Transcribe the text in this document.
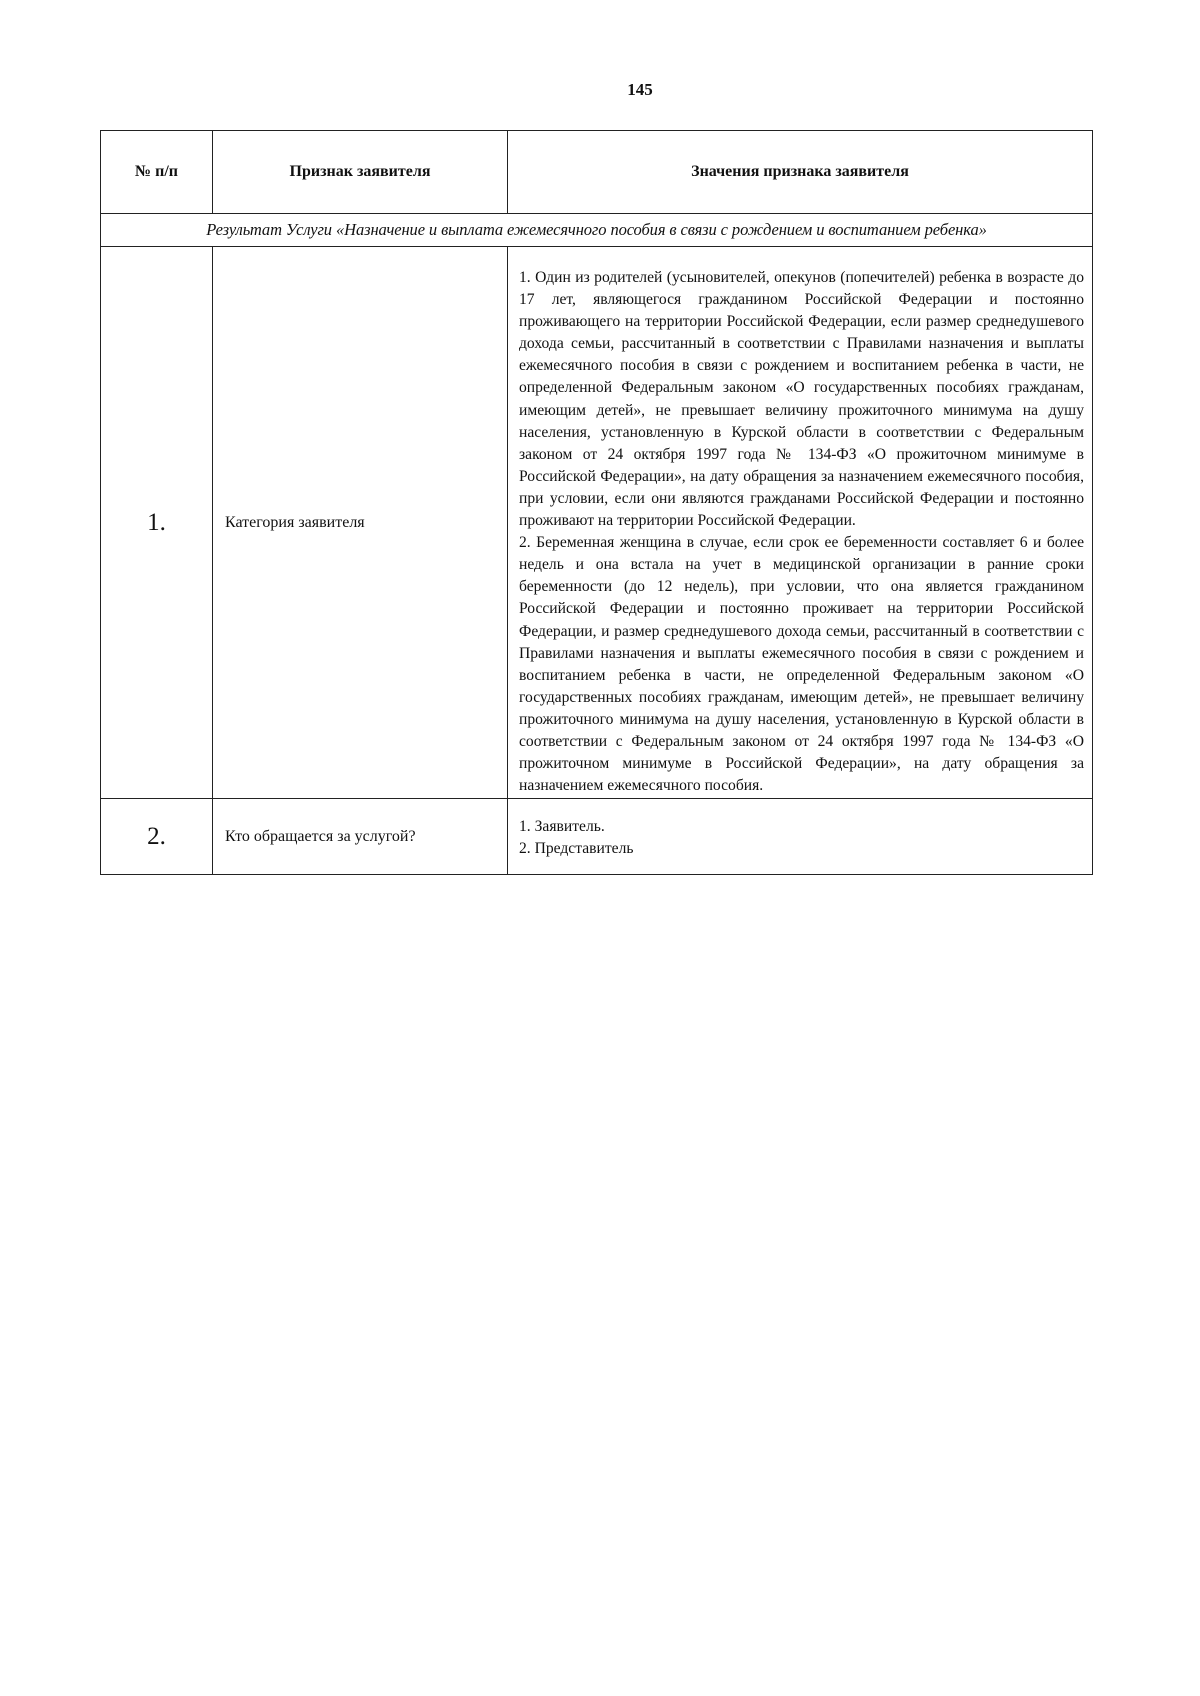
145
№ п/п	Признак заявителя	Значения признака заявителя
Результат Услуги «Назначение и выплата ежемесячного пособия в связи с рождением и воспитанием ребенка»		
1.	Категория заявителя	1. Один из родителей (усыновителей, опекунов (попечителей) ребенка в возрасте до 17 лет, являющегося гражданином Российской Федерации и постоянно проживающего на территории Российской Федерации, если размер среднедушевого дохода семьи, рассчитанный в соответствии с Правилами назначения и выплаты ежемесячного пособия в связи с рождением и воспитанием ребенка в части, не определенной Федеральным законом «О государственных пособиях гражданам, имеющим детей», не превышает величину прожиточного минимума на душу населения, установленную в Курской области в соответствии с Федеральным законом от 24 октября 1997 года № 134-ФЗ «О прожиточном минимуме в Российской Федерации», на дату обращения за назначением ежемесячного пособия, при условии, если они являются гражданами Российской Федерации и постоянно проживают на территории Российской Федерации.

2. Беременная женщина в случае, если срок ее беременности составляет 6 и более недель и она встала на учет в медицинской организации в ранние сроки беременности (до 12 недель), при условии, что она является гражданином Российской Федерации и постоянно проживает на территории Российской Федерации, и размер среднедушевого дохода семьи, рассчитанный в соответствии с Правилами назначения и выплаты ежемесячного пособия в связи с рождением и воспитанием ребенка в части, не определенной Федеральным законом «О государственных пособиях гражданам, имеющим детей», не превышает величину прожиточного минимума на душу населения, установленную в Курской области в соответствии с Федеральным законом от 24 октября 1997 года № 134-ФЗ «О прожиточном минимуме в Российской Федерации», на дату обращения за назначением ежемесячного пособия.

2.	Кто обращается за услугой?	1. Заявитель.
2. Представитель
